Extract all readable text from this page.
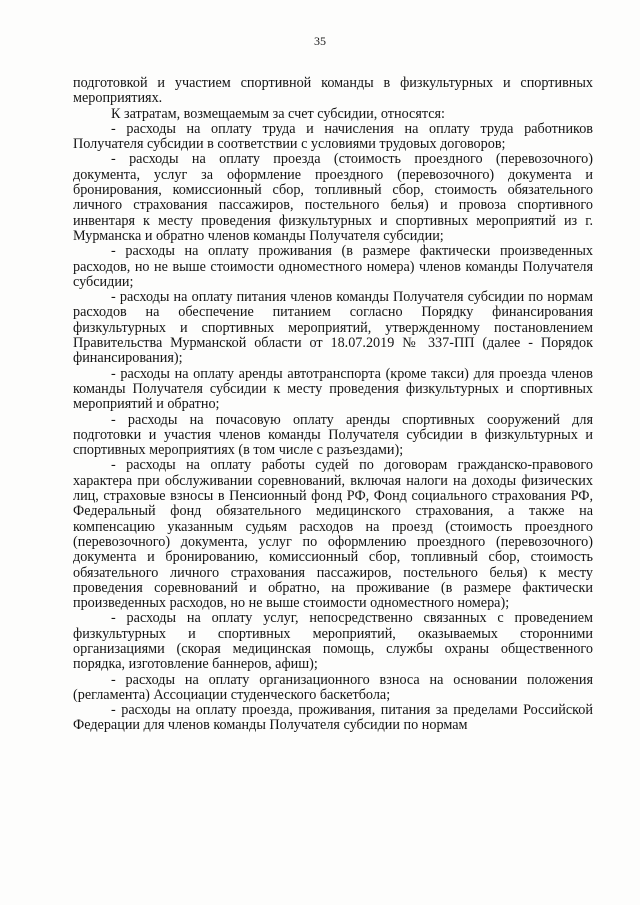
35

подготовкой и участием спортивной команды в физкультурных и спортивных мероприятиях.

К затратам, возмещаемым за счет субсидии, относятся:

- расходы на оплату труда и начисления на оплату труда работников Получателя субсидии в соответствии с условиями трудовых договоров;

- расходы на оплату проезда (стоимость проездного (перевозочного) документа, услуг за оформление проездного (перевозочного) документа и бронирования, комиссионный сбор, топливный сбор, стоимость обязательного личного страхования пассажиров, постельного белья) и провоза спортивного инвентаря к месту проведения физкультурных и спортивных мероприятий из г. Мурманска и обратно членов команды Получателя субсидии;

- расходы на оплату проживания (в размере фактически произведенных расходов, но не выше стоимости одноместного номера) членов команды Получателя субсидии;

- расходы на оплату питания членов команды Получателя субсидии по нормам расходов на обеспечение питанием согласно Порядку финансирования физкультурных и спортивных мероприятий, утвержденному постановлением Правительства Мурманской области от 18.07.2019 № 337-ПП (далее - Порядок финансирования);

- расходы на оплату аренды автотранспорта (кроме такси) для проезда членов команды Получателя субсидии к месту проведения физкультурных и спортивных мероприятий и обратно;

- расходы на почасовую оплату аренды спортивных сооружений для подготовки и участия членов команды Получателя субсидии в физкультурных и спортивных мероприятиях (в том числе с разъездами);

- расходы на оплату работы судей по договорам гражданско-правового характера при обслуживании соревнований, включая налоги на доходы физических лиц, страховые взносы в Пенсионный фонд РФ, Фонд социального страхования РФ, Федеральный фонд обязательного медицинского страхования, а также на компенсацию указанным судьям расходов на проезд (стоимость проездного (перевозочного) документа, услуг по оформлению проездного (перевозочного) документа и бронированию, комиссионный сбор, топливный сбор, стоимость обязательного личного страхования пассажиров, постельного белья) к месту проведения соревнований и обратно, на проживание (в размере фактически произведенных расходов, но не выше стоимости одноместного номера);

- расходы на оплату услуг, непосредственно связанных с проведением физкультурных и спортивных мероприятий, оказываемых сторонними организациями (скорая медицинская помощь, службы охраны общественного порядка, изготовление баннеров, афиш);

- расходы на оплату организационного взноса на основании положения (регламента) Ассоциации студенческого баскетбола;

- расходы на оплату проезда, проживания, питания за пределами Российской Федерации для членов команды Получателя субсидии по нормам
